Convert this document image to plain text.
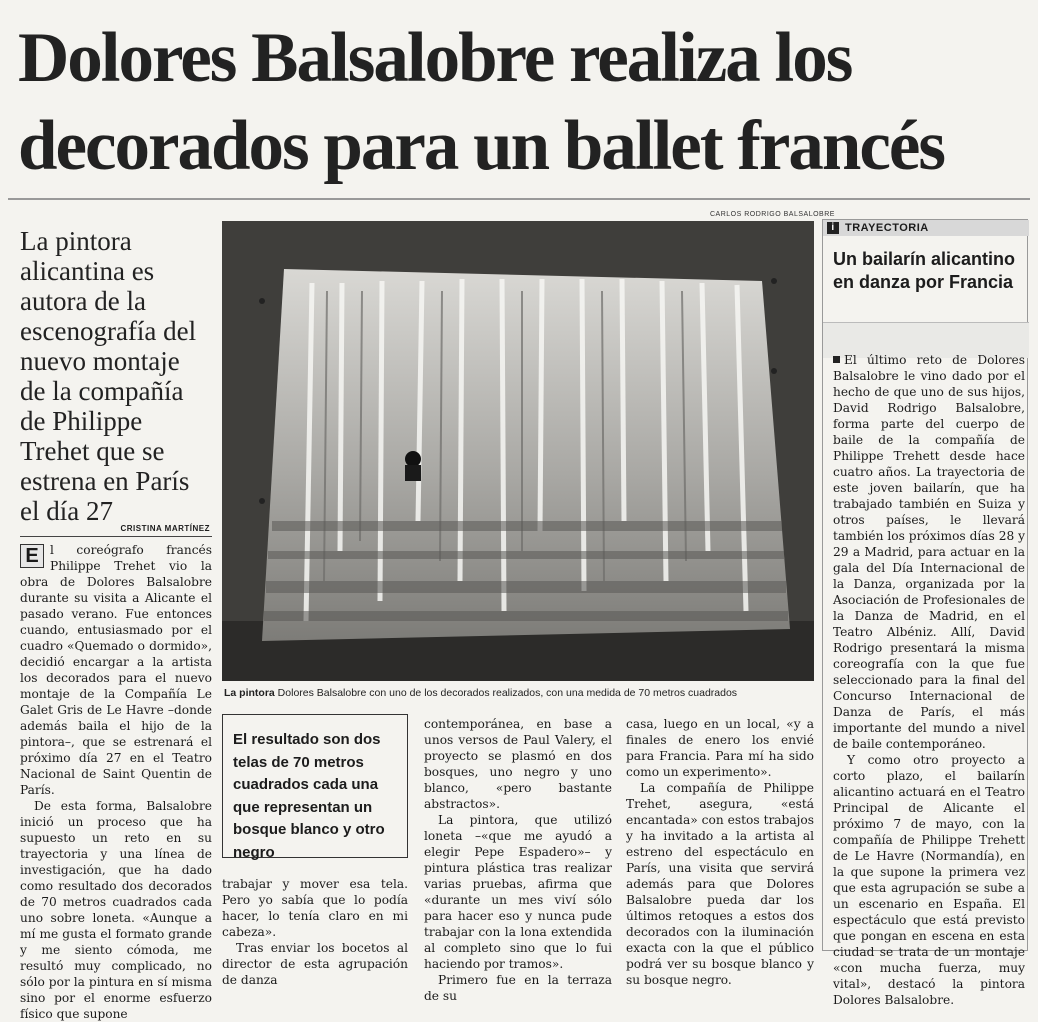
Dolores Balsalobre realiza los
decorados para un ballet francés
La pintora alicantina es autora de la escenografía del nuevo montaje de la compañía de Philippe Trehet que se estrena en París el día 27
CRISTINA MARTÍNEZ
E l coreógrafo francés Philippe Trehet vio la obra de Dolores Balsalobre durante su visita a Alicante el pasado verano. Fue entonces cuando, entusiasmado por el cuadro «Quemado o dormido», decidió encargar a la artista los decorados para el nuevo montaje de la Compañía Le Galet Gris de Le Havre –donde además baila el hijo de la pintora–, que se estrenará el próximo día 27 en el Teatro Nacional de Saint Quentin de París.

De esta forma, Balsalobre inició un proceso que ha supuesto un reto en su trayectoria y una línea de investigación, que ha dado como resultado dos decorados de 70 metros cuadrados cada uno sobre loneta. «Aunque a mí me gusta el formato grande y me siento cómoda, me resultó muy complicado, no sólo por la pintura en sí misma sino por el enorme esfuerzo físico que supone

CARLOS RODRIGO BALSALOBRE
La pintora Dolores Balsalobre con uno de los decorados realizados, con una medida de 70 metros cuadrados
El resultado son dos telas de 70 metros cuadrados cada una que representan un bosque blanco y otro negro

trabajar y mover esa tela. Pero yo sabía que lo podía hacer, lo tenía claro en mi cabeza».

Tras enviar los bocetos al director de esta agrupación de danza

contemporánea, en base a unos versos de Paul Valery, el proyecto se plasmó en dos bosques, uno negro y uno blanco, «pero bastante abstractos».

La pintora, que utilizó loneta –«que me ayudó a elegir Pepe Espadero»– y pintura plástica tras realizar varias pruebas, afirma que «durante un mes viví sólo para hacer eso y nunca pude trabajar con la lona extendida al completo sino que lo fui haciendo por tramos».

Primero fue en la terraza de su

casa, luego en un local, «y a finales de enero los envié para Francia. Para mí ha sido como un experimento».

La compañía de Philippe Trehet, asegura, «está encantada» con estos trabajos y ha invitado a la artista al estreno del espectáculo en París, una visita que servirá además para que Dolores Balsalobre pueda dar los últimos retoques a estos dos decorados con la iluminación exacta con la que el público podrá ver su bosque blanco y su bosque negro.

i TRAYECTORIA
Un bailarín alicantino en danza por Francia

El último reto de Dolores Balsalobre le vino dado por el hecho de que uno de sus hijos, David Rodrigo Balsalobre, forma parte del cuerpo de baile de la compañía de Philippe Trehett desde hace cuatro años. La trayectoria de este joven bailarín, que ha trabajado también en Suiza y otros países, le llevará también los próximos días 28 y 29 a Madrid, para actuar en la gala del Día Internacional de la Danza, organizada por la Asociación de Profesionales de la Danza de Madrid, en el Teatro Albéniz. Allí, David Rodrigo presentará la misma coreografía con la que fue seleccionado para la final del Concurso Internacional de Danza de París, el más importante del mundo a nivel de baile contemporáneo.

Y como otro proyecto a corto plazo, el bailarín alicantino actuará en el Teatro Principal de Alicante el próximo 7 de mayo, con la compañía de Philippe Trehett de Le Havre (Normandía), en la que supone la primera vez que esta agrupación se sube a un escenario en España. El espectáculo que está previsto que pongan en escena en esta ciudad se trata de un montaje «con mucha fuerza, muy vital», destacó la pintora Dolores Balsalobre.
